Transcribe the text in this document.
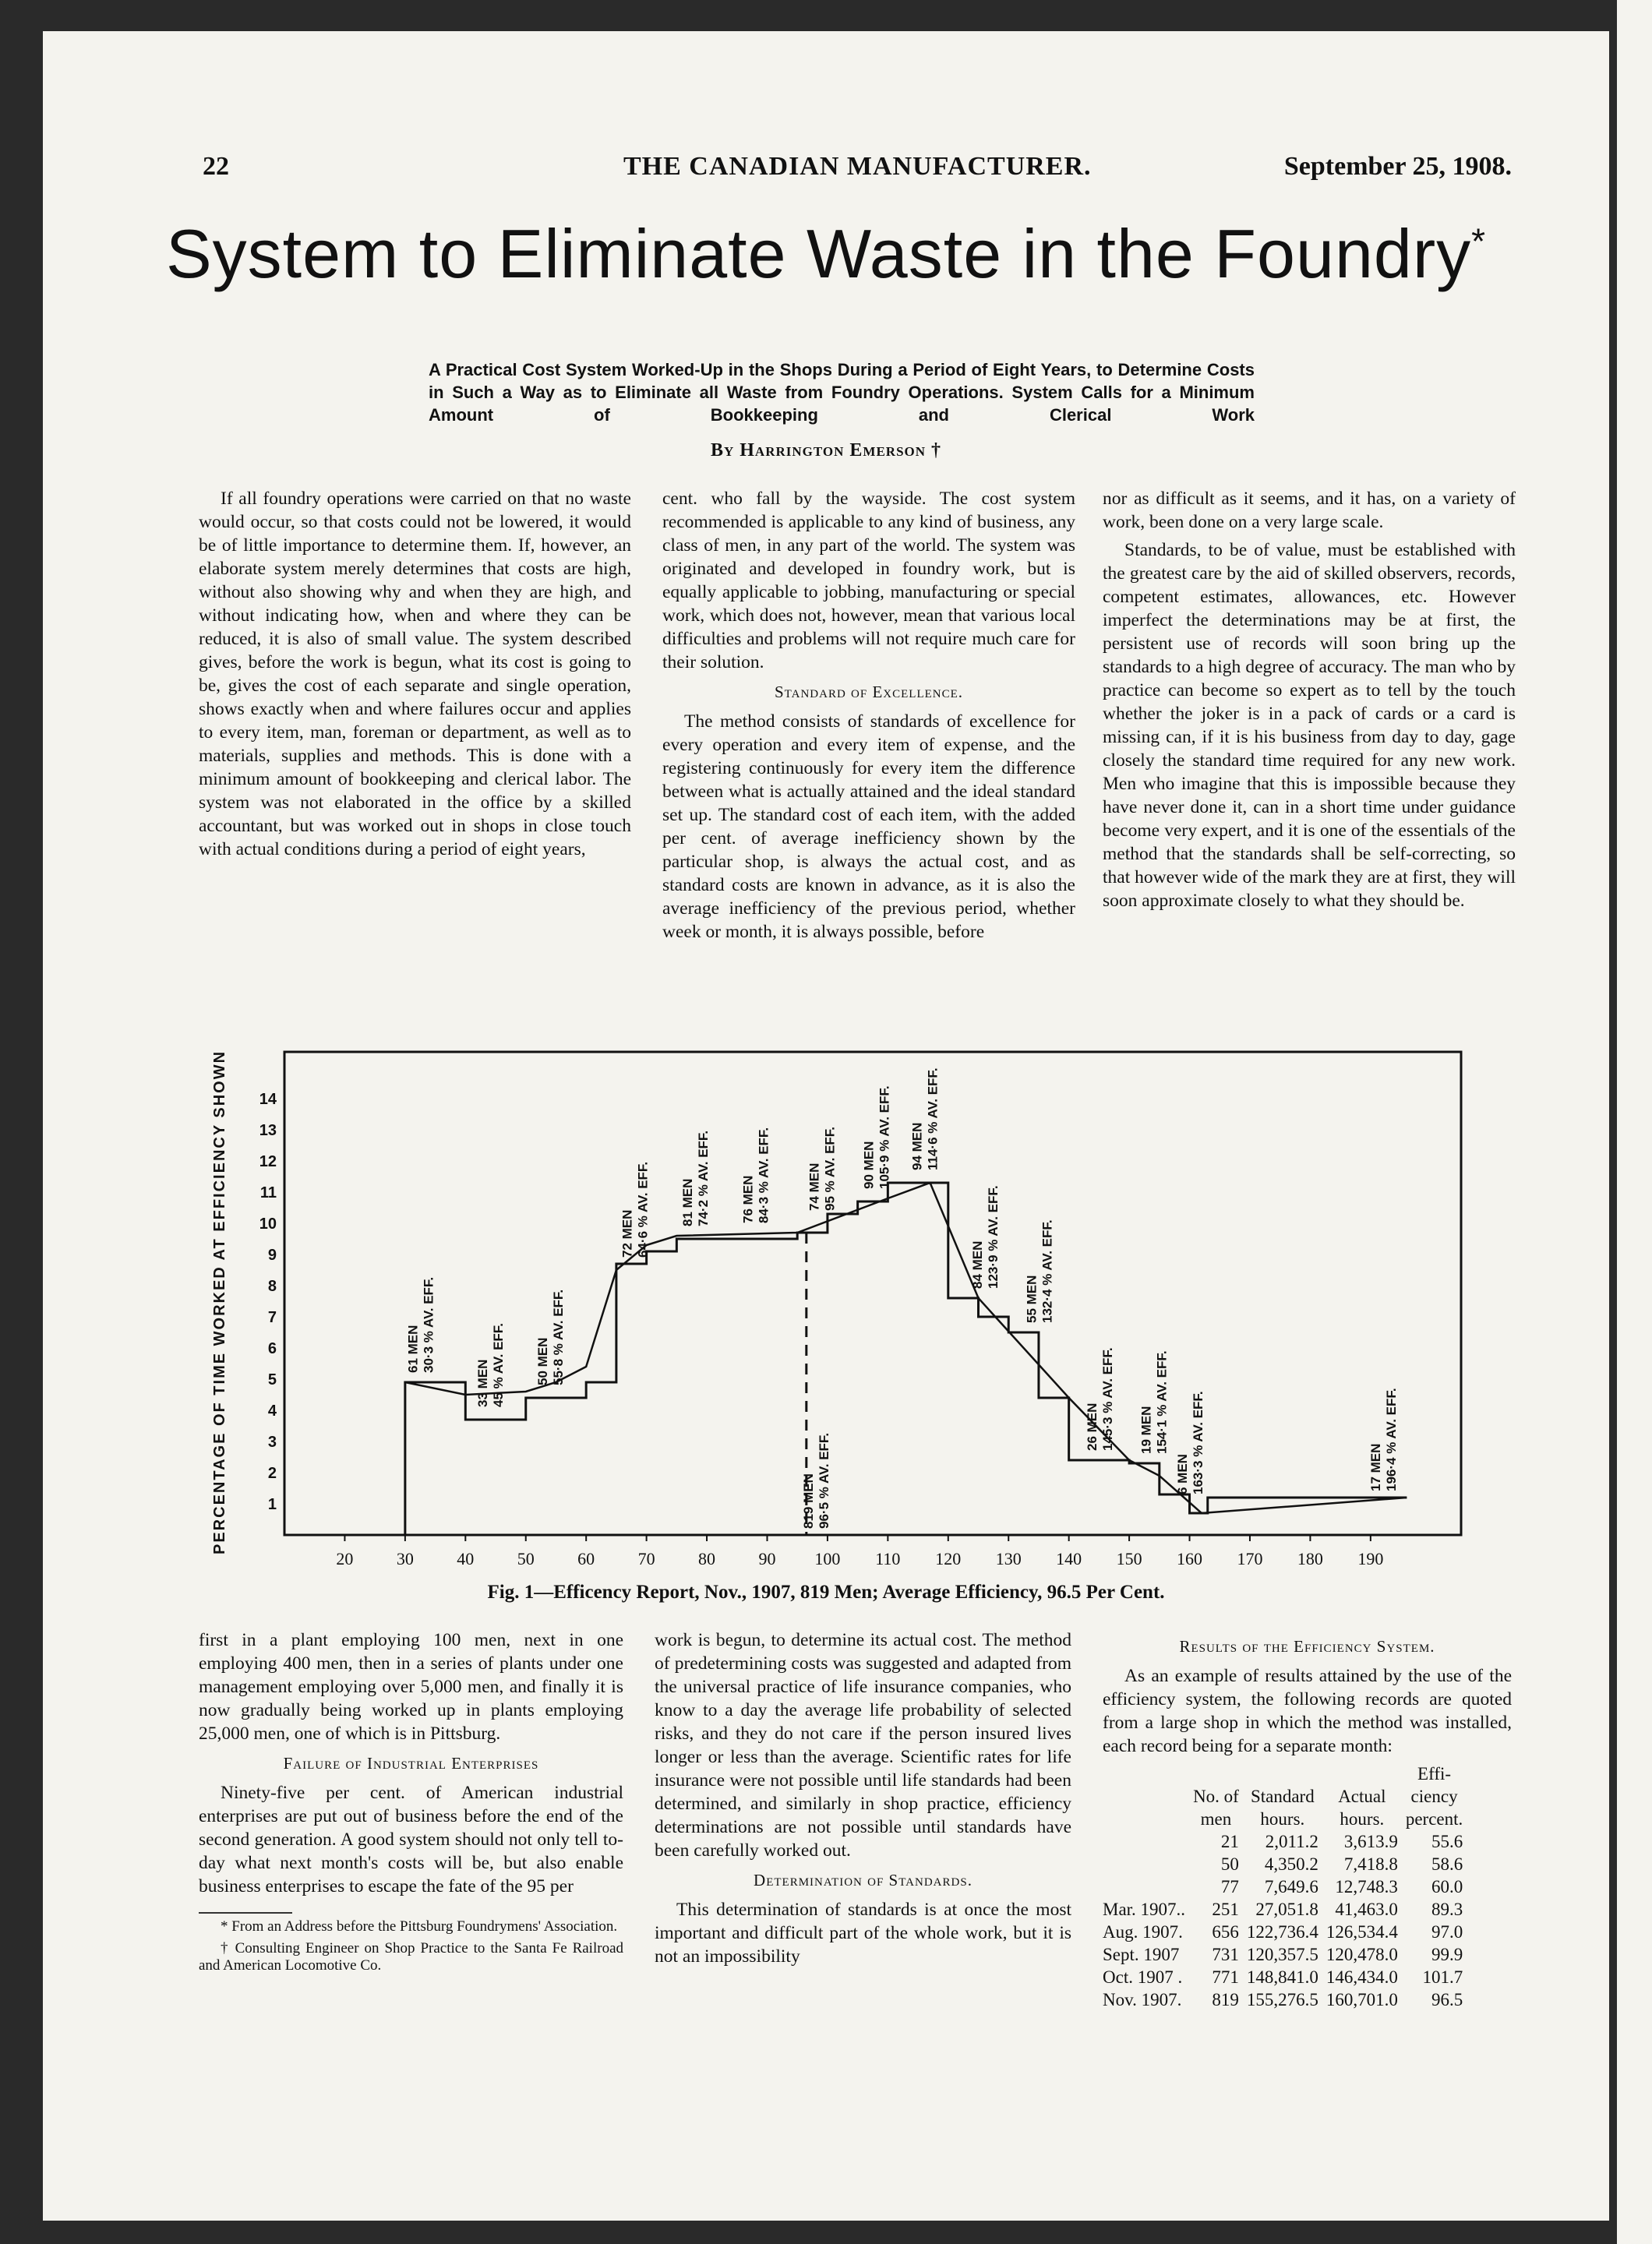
22	THE CANADIAN MANUFACTURER.	September 25, 1908.
System to Eliminate Waste in the Foundry*
A Practical Cost System Worked-Up in the Shops During a Period of Eight Years, to Determine Costs in Such a Way as to Eliminate all Waste from Foundry Operations. System Calls for a Minimum Amount of Bookkeeping and Clerical Work
By Harrington Emerson †

If all foundry operations were carried on that no waste would occur, so that costs could not be lowered, it would be of little importance to determine them. If, however, an elaborate system merely determines that costs are high, without also showing why and when they are high, and without indicating how, when and where they can be reduced, it is also of small value. The system described gives, before the work is begun, what its cost is going to be, gives the cost of each separate and single operation, shows exactly when and where failures occur and applies to every item, man, foreman or department, as well as to materials, supplies and methods. This is done with a minimum amount of bookkeeping and clerical labor. The system was not elaborated in the office by a skilled accountant, but was worked out in shops in close touch with actual conditions during a period of eight years,

cent. who fall by the wayside. The cost system recommended is applicable to any kind of business, any class of men, in any part of the world. The system was originated and developed in foundry work, but is equally applicable to jobbing, manufacturing or special work, which does not, however, mean that various local difficulties and problems will not require much care for their solution.

Standard of Excellence.

The method consists of standards of excellence for every operation and every item of expense, and the registering continuously for every item the difference between what is actually attained and the ideal standard set up. The standard cost of each item, with the added per cent. of average inefficiency shown by the particular shop, is always the actual cost, and as standard costs are known in advance, as it is also the average inefficiency of the previous period, whether week or month, it is always possible, before

nor as difficult as it seems, and it has, on a variety of work, been done on a very large scale.

Standards, to be of value, must be established with the greatest care by the aid of skilled observers, records, competent estimates, allowances, etc. However imperfect the determinations may be at first, the persistent use of records will soon bring up the standards to a high degree of accuracy. The man who by practice can become so expert as to tell by the touch whether the joker is in a pack of cards or a card is missing can, if it is his business from day to day, gage closely the standard time required for any new work. Men who imagine that this is impossible because they have never done it, can in a short time under guidance become very expert, and it is one of the essentials of the method that the standards shall be self-correcting, so that however wide of the mark they are at first, they will soon approximate closely to what they should be.

PERCENTAGE OF TIME WORKED AT EFFICIENCY SHOWN
20	30	40	50	60	70	80	90 100 110 120 130 140 150 160 170 180 190
1
2
3
4
5
6
7
8
9
10
11
12
13
14
61 MEN 30·3 % AV. EFF.
33 MEN 45 % AV. EFF. 50 MEN 55·8 % AV. EFF.
72 MEN 64·6 % AV. EFF. 81 MEN 74·2 % AV. EFF. 76 MEN 84·3 % AV. EFF.
819 MEN 96·5 % AV. EFF.
74 MEN 95 % AV. EFF. 90 MEN 105·9 % AV. EFF. 94 MEN 114·6 % AV. EFF.
84 MEN 123·9 % AV. EFF.
55 MEN 132·4 % AV. EFF.
26 MEN 145·3 % AV. EFF. 19 MEN 154·1 % AV. EFF.
6 MEN 163·3 % AV. EFF.	17 MEN 196·4 % AV. EFF.
Fig. 1—Efficency Report, Nov., 1907, 819 Men; Average Efficiency, 96.5 Per Cent.

first in a plant employing 100 men, next in one employing 400 men, then in a series of plants under one management employing over 5,000 men, and finally it is now gradually being worked up in plants employing 25,000 men, one of which is in Pittsburg.

Failure of Industrial Enterprises

Ninety-five per cent. of American industrial enterprises are put out of business before the end of the second generation. A good system should not only tell to-day what next month's costs will be, but also enable business enterprises to escape the fate of the 95 per

* From an Address before the Pittsburg Foundrymens' Association.

† Consulting Engineer on Shop Practice to the Santa Fe Railroad and American Locomotive Co.

work is begun, to determine its actual cost. The method of predetermining costs was suggested and adapted from the universal practice of life insurance companies, who know to a day the average life probability of selected risks, and they do not care if the person insured lives longer or less than the average. Scientific rates for life insurance were not possible until life standards had been determined, and similarly in shop practice, efficiency determinations are not possible until standards have been carefully worked out.

Determination of Standards.

This determination of standards is at once the most important and difficult part of the whole work, but it is not an impossibility

Results of the Efficiency System.

As an example of results attained by the use of the efficiency system, the following records are quoted from a large shop in which the method was installed, each record being for a separate month:

				Effi-
	No. of	Standard	Actual	ciency
	men	hours.	hours.	percent.
	21	2,011.2	3,613.9	55.6
	50	4,350.2	7,418.8	58.6
	77	7,649.6	12,748.3	60.0
Mar. 1907..	251	27,051.8	41,463.0	89.3
Aug. 1907.	656	122,736.4	126,534.4	97.0
Sept. 1907	731	120,357.5	120,478.0	99.9
Oct. 1907 .	771	148,841.0	146,434.0	101.7
Nov. 1907.	819	155,276.5	160,701.0	96.5
